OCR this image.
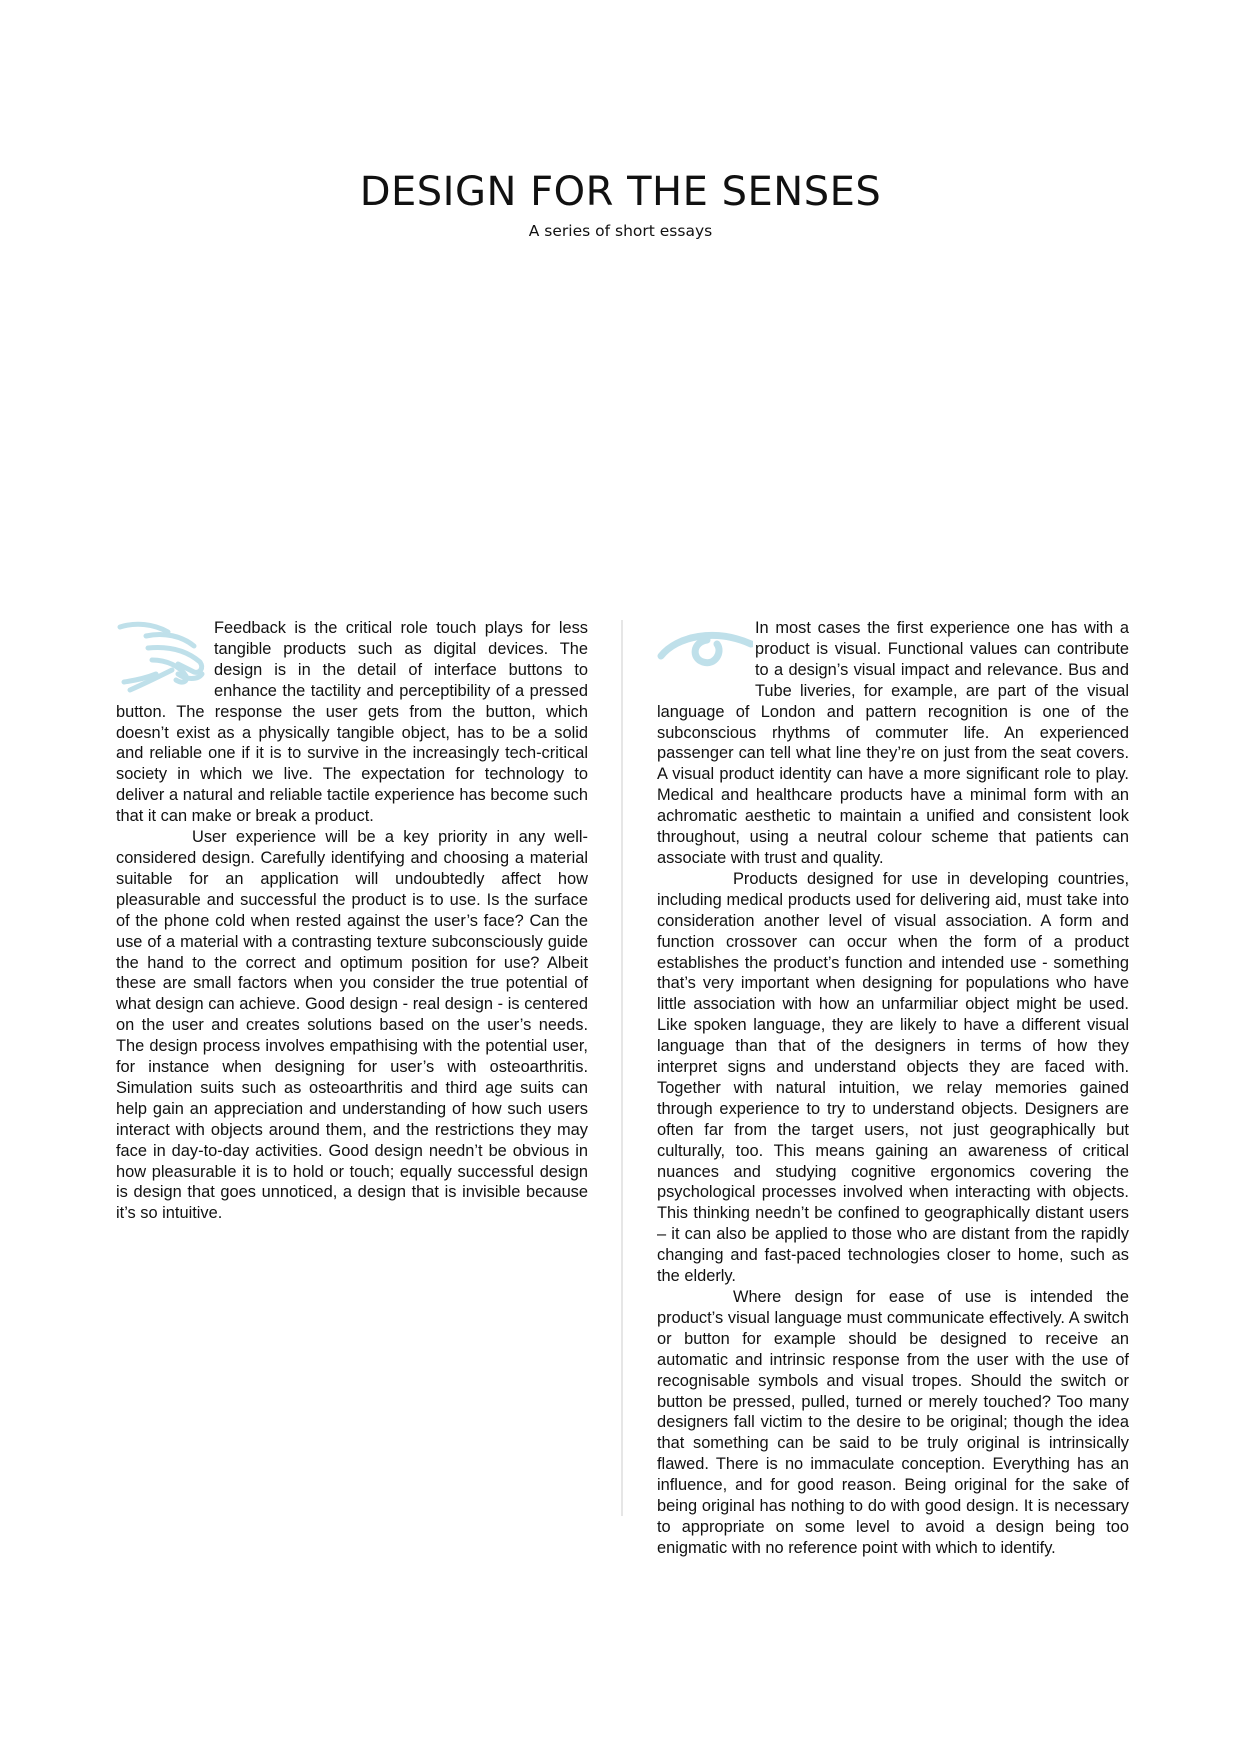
DESIGN FOR THE SENSES

A series of short essays

Feedback is the critical role touch plays for less tangible products such as digital devices. The design is in the detail of interface buttons to enhance the tactility and perceptibility of a pressed button. The response the user gets from the button, which doesn’t exist as a physically tangible object, has to be a solid and reliable one if it is to survive in the increasingly tech-critical society in which we live. The expectation for technology to deliver a natural and reliable tactile experience has become such that it can make or break a product.

User experience will be a key priority in any well-considered design. Carefully identifying and choosing a material suitable for an application will undoubtedly affect how pleasurable and successful the product is to use. Is the surface of the phone cold when rested against the user’s face? Can the use of a material with a contrasting texture subconsciously guide the hand to the correct and optimum position for use? Albeit these are small factors when you consider the true potential of what design can achieve. Good design - real design - is centered on the user and creates solutions based on the user’s needs. The design process involves empathising with the potential user, for instance when designing for user’s with osteoarthritis. Simulation suits such as osteoarthritis and third age suits can help gain an appreciation and understanding of how such users interact with objects around them, and the restrictions they may face in day-to-day activities. Good design needn’t be obvious in how pleasurable it is to hold or touch; equally successful design is design that goes unnoticed, a design that is invisible because it’s so intuitive.

In most cases the first experience one has with a product is visual. Functional values can contribute to a design’s visual impact and relevance. Bus and Tube liveries, for example, are part of the visual language of London and pattern recognition is one of the subconscious rhythms of commuter life. An experienced passenger can tell what line they’re on just from the seat covers. A visual product identity can have a more significant role to play. Medical and healthcare products have a minimal form with an achromatic aesthetic to maintain a unified and consistent look throughout, using a neutral colour scheme that patients can associate with trust and quality.

Products designed for use in developing countries, including medical products used for delivering aid, must take into consideration another level of visual association. A form and function crossover can occur when the form of a product establishes the product’s function and intended use - something that’s very important when designing for populations who have little association with how an unfarmiliar object might be used. Like spoken language, they are likely to have a different visual language than that of the designers in terms of how they interpret signs and understand objects they are faced with. Together with natural intuition, we relay memories gained through experience to try to understand objects. Designers are often far from the target users, not just geographically but culturally, too. This means gaining an awareness of critical nuances and studying cognitive ergonomics covering the psychological processes involved when interacting with objects. This thinking needn’t be confined to geographically distant users – it can also be applied to those who are distant from the rapidly changing and fast-paced technologies closer to home, such as the elderly.

Where design for ease of use is intended the product’s visual language must communicate effectively. A switch or button for example should be designed to receive an automatic and intrinsic response from the user with the use of recognisable symbols and visual tropes. Should the switch or button be pressed, pulled, turned or merely touched? Too many designers fall victim to the desire to be original; though the idea that something can be said to be truly original is intrinsically flawed. There is no immaculate conception. Everything has an influence, and for good reason. Being original for the sake of being original has nothing to do with good design. It is necessary to appropriate on some level to avoid a design being too enigmatic with no reference point with which to identify.
